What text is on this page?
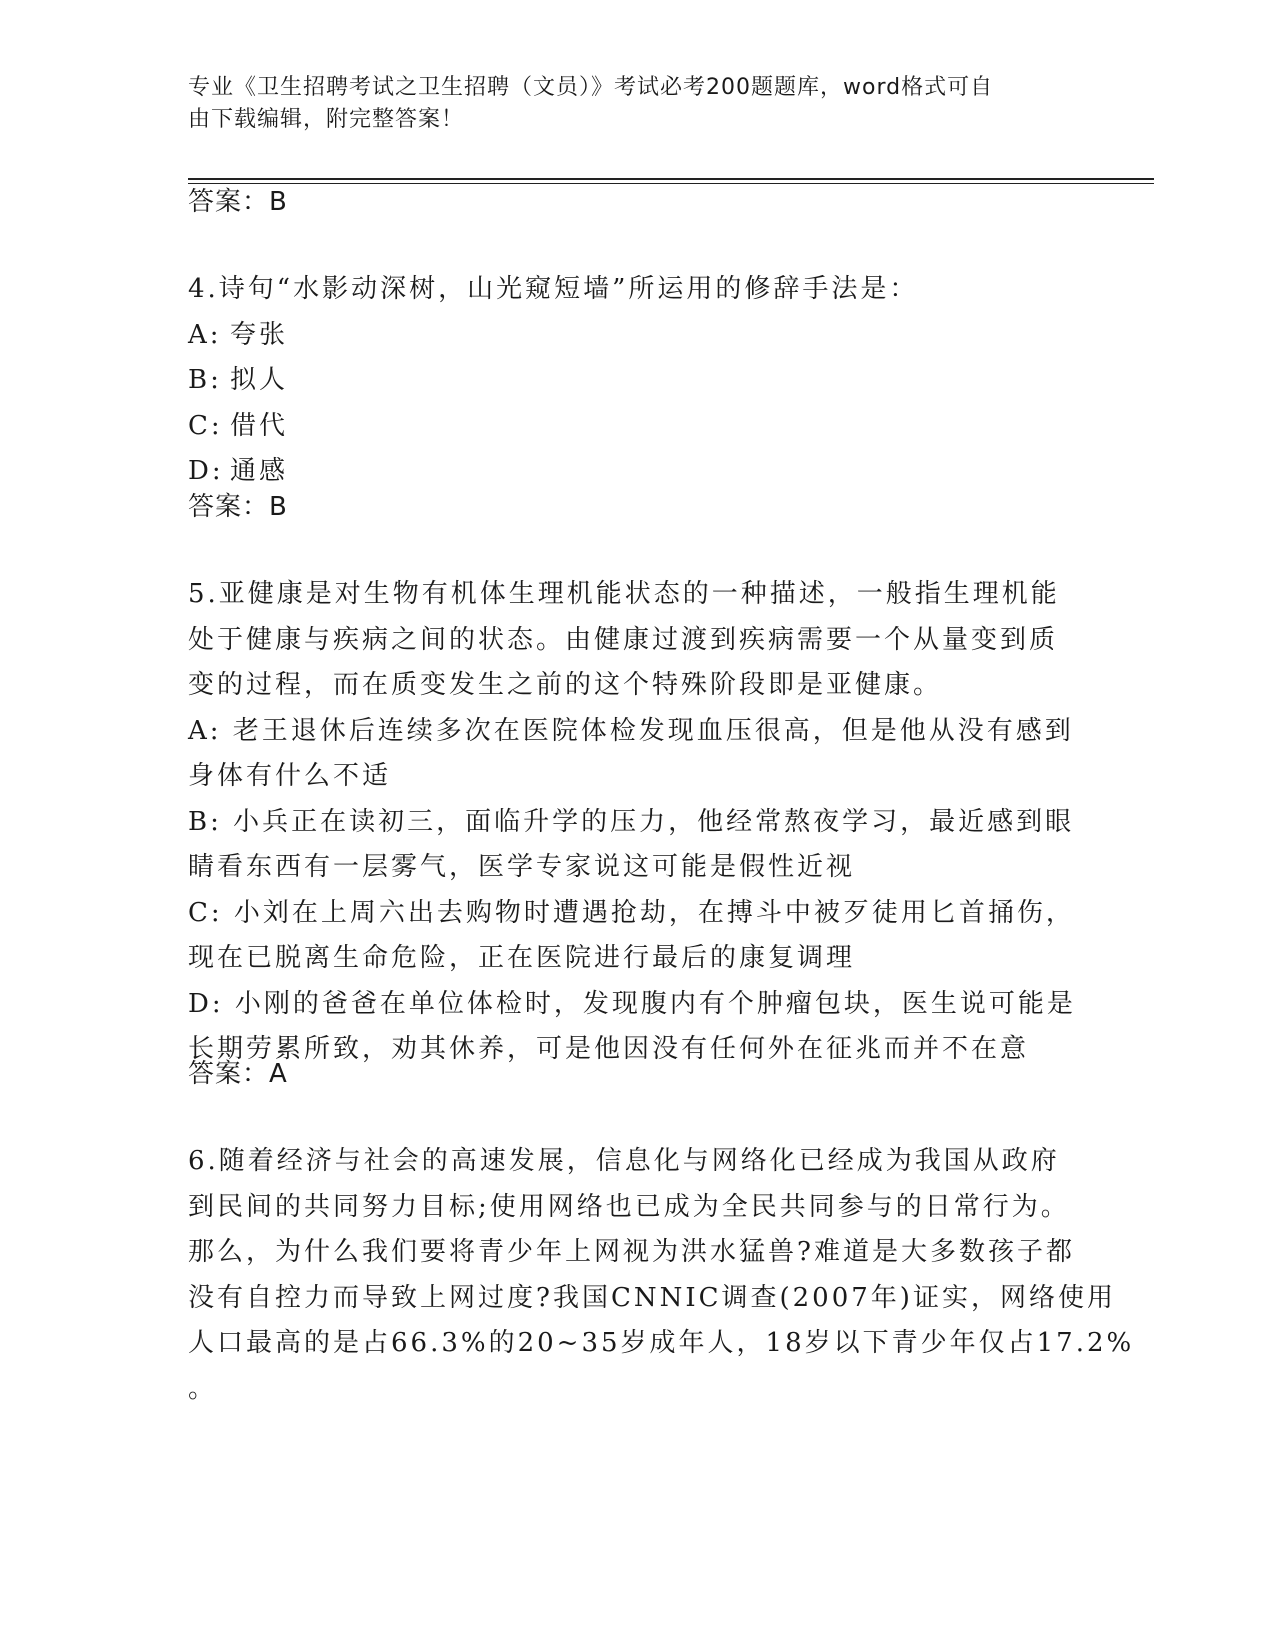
专业《卫生招聘考试之卫生招聘（文员）》考试必考200题题库，word格式可自
由下载编辑，附完整答案！
答案：B
4.诗句“水影动深树，山光窥短墙”所运用的修辞手法是：
A: 夸张
B: 拟人
C: 借代
D: 通感
答案：B
5.亚健康是对生物有机体生理机能状态的一种描述，一般指生理机能
处于健康与疾病之间的状态。由健康过渡到疾病需要一个从量变到质
变的过程，而在质变发生之前的这个特殊阶段即是亚健康。
A: 老王退休后连续多次在医院体检发现血压很高，但是他从没有感到
身体有什么不适
B: 小兵正在读初三，面临升学的压力，他经常熬夜学习，最近感到眼
睛看东西有一层雾气，医学专家说这可能是假性近视
C: 小刘在上周六出去购物时遭遇抢劫，在搏斗中被歹徒用匕首捅伤，
现在已脱离生命危险，正在医院进行最后的康复调理
D: 小刚的爸爸在单位体检时，发现腹内有个肿瘤包块，医生说可能是
长期劳累所致，劝其休养，可是他因没有任何外在征兆而并不在意
答案：A
6.随着经济与社会的高速发展，信息化与网络化已经成为我国从政府
到民间的共同努力目标;使用网络也已成为全民共同参与的日常行为。
那么，为什么我们要将青少年上网视为洪水猛兽?难道是大多数孩子都
没有自控力而导致上网过度?我国CNNIC调查(2007年)证实，网络使用
人口最高的是占66.3%的20~35岁成年人，18岁以下青少年仅占17.2%
。
